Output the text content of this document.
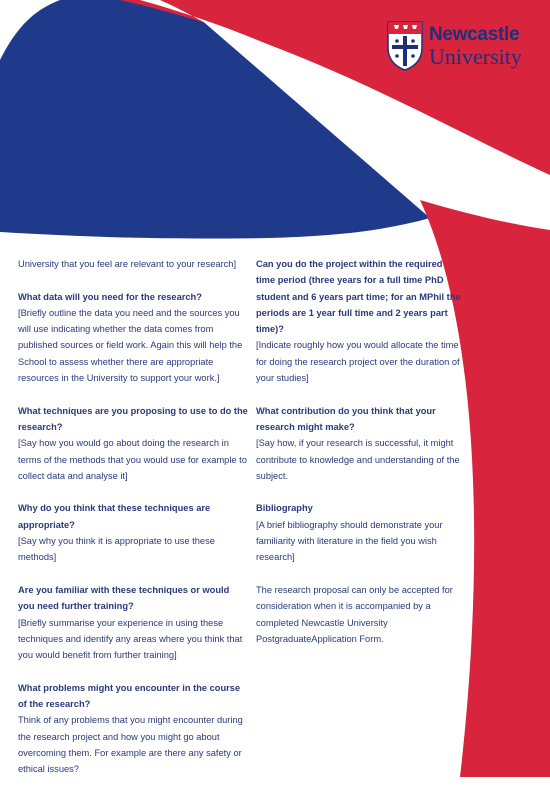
Newcastle
University

University that you feel are relevant to your research]

What data will you need for the research?

[Briefly outline the data you need and the sources you will use indicating whether the data comes from published sources or field work. Again this will help the School to assess whether there are appropriate resources in the University to support your work.]

What techniques are you proposing to use to do the research?

[Say how you would go about doing the research in terms of the methods that you would use for example to collect data and analyse it]

Why do you think that these techniques are appropriate?

[Say why you think it is appropriate to use these methods]

Are you familiar with these techniques or would you need further training?

[Briefly summarise your experience in using these techniques and identify any areas where you think that you would benefit from further training]

What problems might you encounter in the course of the research?

Think of any problems that you might encounter during the research project and how you might go about overcoming them. For example are there any safety or ethical issues?

Can you do the project within the required time period (three years for a full time PhD student and 6 years part time; for an MPhil the periods are 1 year full time and 2 years part time)?

[Indicate roughly how you would allocate the time for doing the research project over the duration of your studies]

What contribution do you think that your research might make?

[Say how, if your research is successful, it might contribute to knowledge and understanding of the subject.

Bibliography

[A brief bibliography should demonstrate your familiarity with literature in the field you wish research]

The research proposal can only be accepted for consideration when it is accompanied by a completed Newcastle University PostgraduateApplication Form.
